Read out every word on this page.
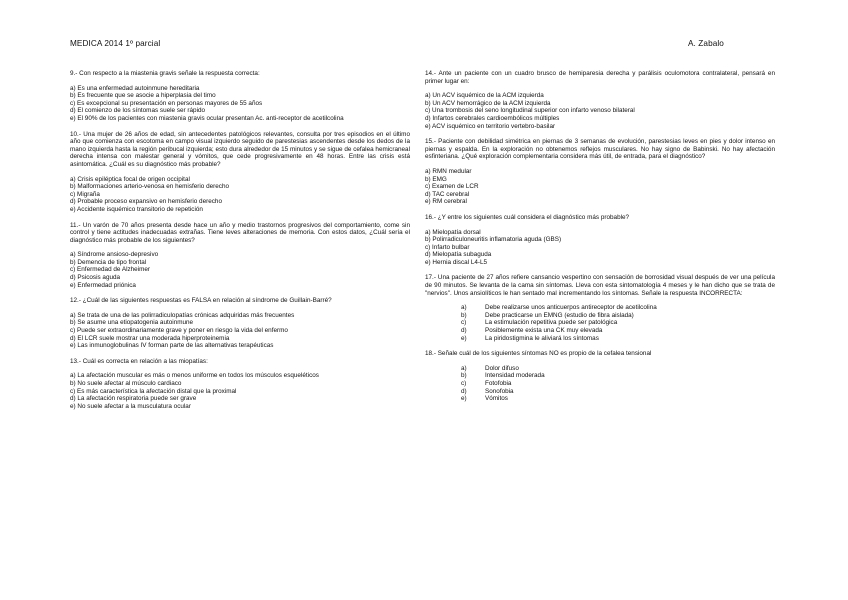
MEDICA 2014 1º parcial	A. Zabalo

9.- Con respecto a la miastenia gravis señale la respuesta correcta:

a) Es una enfermedad autoinmune hereditaria
b) Es frecuente que se asocie a hiperplasia del timo
c) Es excepcional su presentación en personas mayores de 55 años
d) El comienzo de los síntomas suele ser rápido
e) El 90% de los pacientes con miastenia gravis ocular presentan Ac. anti-receptor de acetilcolina

10.- Una mujer de 26 años de edad, sin antecedentes patológicos relevantes, consulta por tres episodios en el último año que comienza con escotoma en campo visual izquierdo seguido de parestesias ascendentes desde los dedos de la mano izquierda hasta la región peribucal izquierda; esto dura alrededor de 15 minutos y se sigue de cefalea hemicraneal derecha intensa con malestar general y vómitos, que cede progresivamente en 48 horas. Entre las crisis está asintomática. ¿Cuál es su diagnóstico más probable?

a) Crisis epiléptica focal de origen occipital
b) Malformaciones arterio-venosa en hemisferio derecho
c) Migraña
d) Probable proceso expansivo en hemisferio derecho
e) Accidente isquémico transitorio de repetición

11.- Un varón de 70 años presenta desde hace un año y medio trastornos progresivos del comportamiento, come sin control y tiene actitudes inadecuadas extrañas. Tiene leves alteraciones de memoria. Con estos datos, ¿Cuál sería el diagnóstico más probable de los siguientes?

a) Síndrome ansioso-depresivo
b) Demencia de tipo frontal
c) Enfermedad de Alzheimer
d) Psicosis aguda
e) Enfermedad priónica

12.- ¿Cuál de las siguientes respuestas es FALSA en relación al síndrome de Guillain-Barré?

a) Se trata de una de las polirradiculopatías crónicas adquiridas más frecuentes
b) Se asume una etiopatogenia autoinmune
c) Puede ser extraordinariamente grave y poner en riesgo la vida del enfermo
d) El LCR suele mostrar una moderada hiperproteinemia
e) Las inmunoglobulinas IV forman parte de las alternativas terapéuticas

13.- Cuál es correcta en relación a las miopatías:

a) La afectación muscular es más o menos uniforme en todos los músculos esqueléticos
b) No suele afectar al músculo cardiaco
c) Es más característica la afectación distal que la proximal
d) La afectación respiratoria puede ser grave
e) No suele afectar a la musculatura ocular

14.- Ante un paciente con un cuadro brusco de hemiparesia derecha y parálisis oculomotora contralateral, pensará en primer lugar en:

a) Un ACV isquémico de la ACM izquierda
b) Un ACV hemorrágico de la ACM izquierda
c) Una trombosis del seno longitudinal superior con infarto venoso bilateral
d) Infartos cerebrales cardioembólicos múltiples
e) ACV isquémico en territorio vertebro-basilar

15.- Paciente con debilidad simétrica en piernas de 3 semanas de evolución, parestesias leves en pies y dolor intenso en piernas y espalda. En la exploración no obtenemos reflejos musculares. No hay signo de Babinski. No hay afectación esfinteriana. ¿Qué exploración complementaria considera más útil, de entrada, para el diagnóstico?

a) RMN medular
b) EMG
c) Examen de LCR
d) TAC cerebral
e) RM cerebral

16.- ¿Y entre los siguientes cuál considera el diagnóstico más probable?

a) Mielopatía dorsal
b) Polirradiculoneuritis inflamatoria aguda (GBS)
c) Infarto bulbar
d) Mielopatía subaguda
e) Hernia discal L4-L5

17.- Una paciente de 27 años refiere cansancio vespertino con sensación de borrosidad visual después de ver una película de 90 minutos. Se levanta de la cama sin síntomas. Lleva con esta sintomatología 4 meses y le han dicho que se trata de "nervios". Unos ansiolíticos le han sentado mal incrementando los síntomas. Señale la respuesta INCORRECTA:

a)	Debe realizarse unos anticuerpos antireceptor de acetilcolina
b)	Debe practicarse un EMNG (estudio de fibra aislada)
c)	La estimulación repetitiva puede ser patológica
d)	Posiblemente exista una CK muy elevada
e)	La piridostigmina le aliviará los síntomas

18.- Señale cuál de los siguientes síntomas NO es propio de la cefalea tensional

a)	Dolor difuso
b)	Intensidad moderada
c)	Fotofobia
d)	Sonofobia
e)	Vómitos
